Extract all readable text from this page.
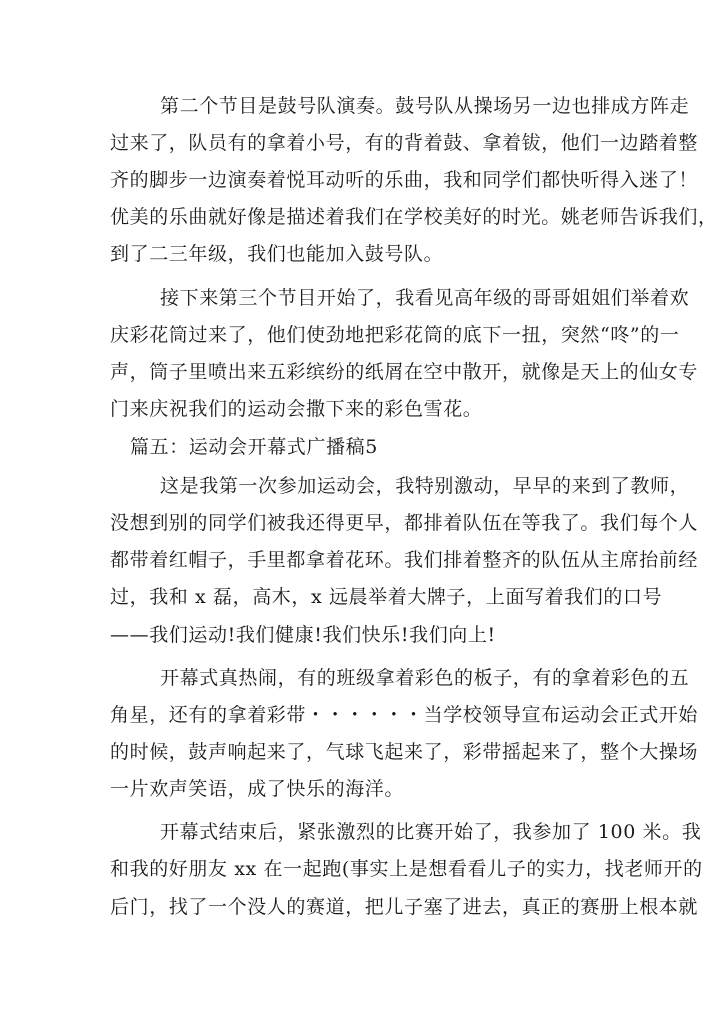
第二个节目是鼓号队演奏。鼓号队从操场另一边也排成方阵走
过来了，队员有的拿着小号，有的背着鼓、拿着钹，他们一边踏着整
齐的脚步一边演奏着悦耳动听的乐曲，我和同学们都快听得入迷了！
优美的乐曲就好像是描述着我们在学校美好的时光。姚老师告诉我们，
到了二三年级，我们也能加入鼓号队。
接下来第三个节目开始了，我看见高年级的哥哥姐姐们举着欢
庆彩花筒过来了，他们使劲地把彩花筒的底下一扭，突然“咚”的一
声，筒子里喷出来五彩缤纷的纸屑在空中散开，就像是天上的仙女专
门来庆祝我们的运动会撒下来的彩色雪花。
篇五：运动会开幕式广播稿5
这是我第一次参加运动会，我特别激动，早早的来到了教师，
没想到别的同学们被我还得更早，都排着队伍在等我了。我们每个人
都带着红帽子，手里都拿着花环。我们排着整齐的队伍从主席抬前经
过，我和 x 磊，高木，x 远晨举着大牌子，上面写着我们的口号
——我们运动!我们健康!我们快乐!我们向上!
开幕式真热闹，有的班级拿着彩色的板子，有的拿着彩色的五
角星，还有的拿着彩带・・・・・・当学校领导宣布运动会正式开始
的时候，鼓声响起来了，气球飞起来了，彩带摇起来了，整个大操场
一片欢声笑语，成了快乐的海洋。
开幕式结束后，紧张激烈的比赛开始了，我参加了 100 米。我
和我的好朋友 xx 在一起跑(事实上是想看看儿子的实力，找老师开的
后门，找了一个没人的赛道，把儿子塞了进去，真正的赛册上根本就
